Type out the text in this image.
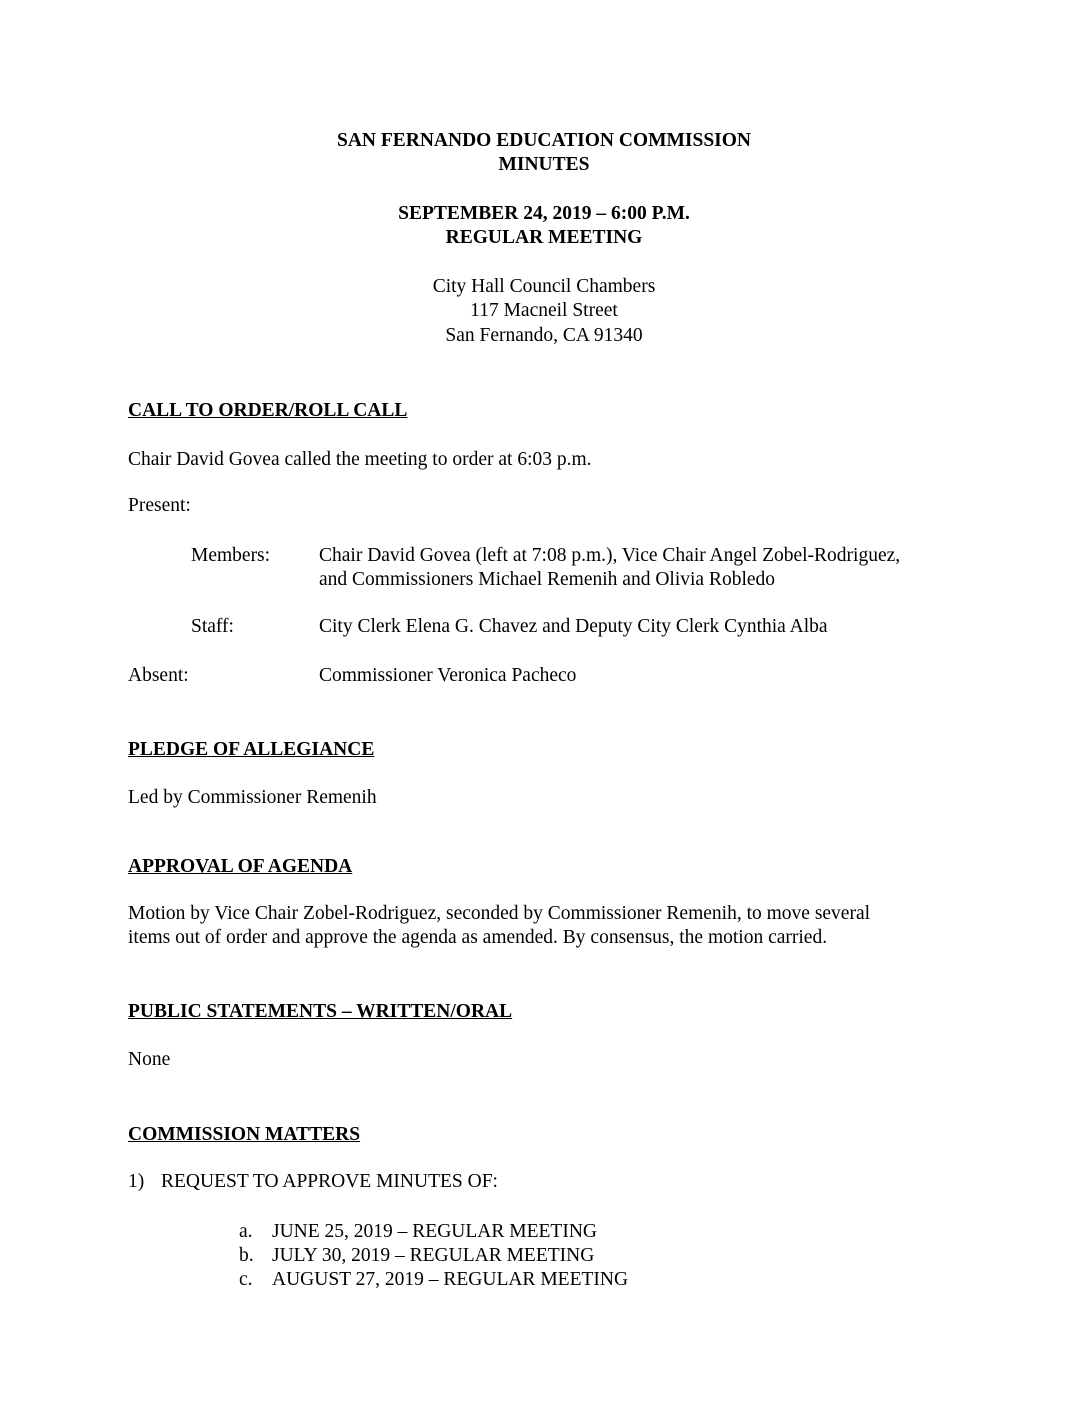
SAN FERNANDO EDUCATION COMMISSION
MINUTES
SEPTEMBER 24, 2019 – 6:00 P.M.
REGULAR MEETING
City Hall Council Chambers
117 Macneil Street
San Fernando, CA 91340
CALL TO ORDER/ROLL CALL
Chair David Govea called the meeting to order at 6:03 p.m.
Present:
Members:	Chair David Govea (left at 7:08 p.m.), Vice Chair Angel Zobel-Rodriguez,
and Commissioners Michael Remenih and Olivia Robledo
Staff:	City Clerk Elena G. Chavez and Deputy City Clerk Cynthia Alba
Absent:	Commissioner Veronica Pacheco
PLEDGE OF ALLEGIANCE
Led by Commissioner Remenih
APPROVAL OF AGENDA
Motion by Vice Chair Zobel-Rodriguez, seconded by Commissioner Remenih, to move several
items out of order and approve the agenda as amended. By consensus, the motion carried.
PUBLIC STATEMENTS – WRITTEN/ORAL
None
COMMISSION MATTERS
1) REQUEST TO APPROVE MINUTES OF:
a. JUNE 25, 2019 – REGULAR MEETING
b. JULY 30, 2019 – REGULAR MEETING
c. AUGUST 27, 2019 – REGULAR MEETING
